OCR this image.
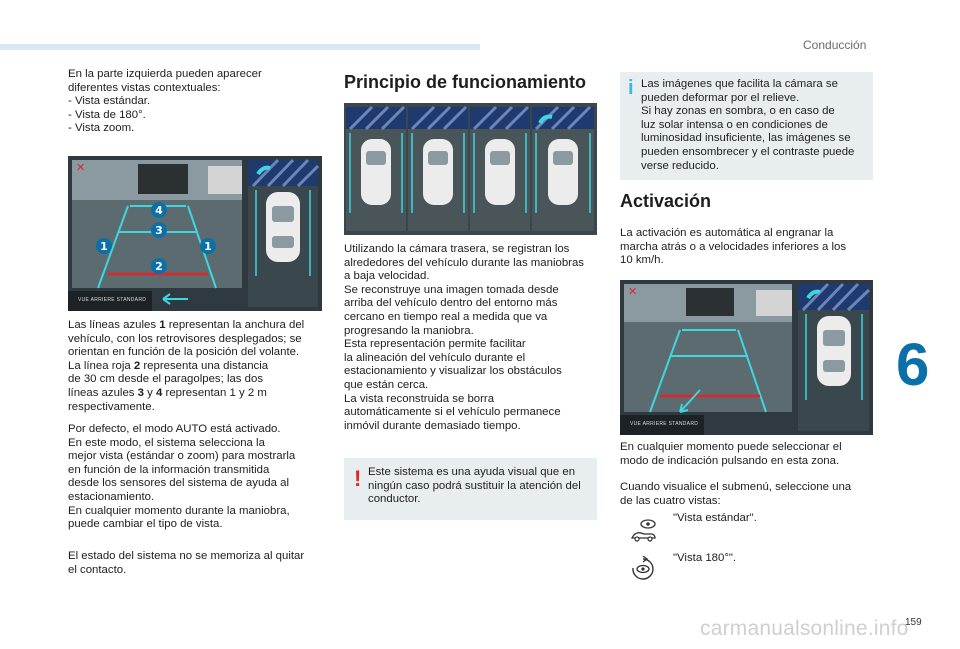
Conducción
6
carmanualsonline.info
159
En la parte izquierda pueden aparecer
diferentes vistas contextuales:
- Vista estándar.
- Vista de 180°.
- Vista zoom.
✕
4
3
1	1
2
VUE ARRIERE STANDARD
Las líneas azules 1 representan la anchura del
vehículo, con los retrovisores desplegados; se
orientan en función de la posición del volante.
La línea roja 2 representa una distancia
de 30 cm desde el paragolpes; las dos
líneas azules 3 y 4 representan 1 y 2 m
respectivamente.
Por defecto, el modo AUTO está activado.
En este modo, el sistema selecciona la
mejor vista (estándar o zoom) para mostrarla
en función de la información transmitida
desde los sensores del sistema de ayuda al
estacionamiento.
En cualquier momento durante la maniobra,
puede cambiar el tipo de vista.
El estado del sistema no se memoriza al quitar
el contacto.
Principio de funcionamiento
Utilizando la cámara trasera, se registran los
alrededores del vehículo durante las maniobras
a baja velocidad.
Se reconstruye una imagen tomada desde
arriba del vehículo dentro del entorno más
cercano en tiempo real a medida que va
progresando la maniobra.
Esta representación permite facilitar
la alineación del vehículo durante el
estacionamiento y visualizar los obstáculos
que están cerca.
La vista reconstruida se borra
automáticamente si el vehículo permanece
inmóvil durante demasiado tiempo.
! Este sistema es una ayuda visual que en
ningún caso podrá sustituir la atención del
conductor.
i Las imágenes que facilita la cámara se
pueden deformar por el relieve.
Si hay zonas en sombra, o en caso de
luz solar intensa o en condiciones de
luminosidad insuficiente, las imágenes se
pueden ensombrecer y el contraste puede
verse reducido.
Activación
La activación es automática al engranar la
marcha atrás o a velocidades inferiores a los
10 km/h.
✕
VUE ARRIERE STANDARD
En cualquier momento puede seleccionar el
modo de indicación pulsando en esta zona.
Cuando visualice el submenú, seleccione una
de las cuatro vistas:
"Vista estándar".
"Vista 180°".
